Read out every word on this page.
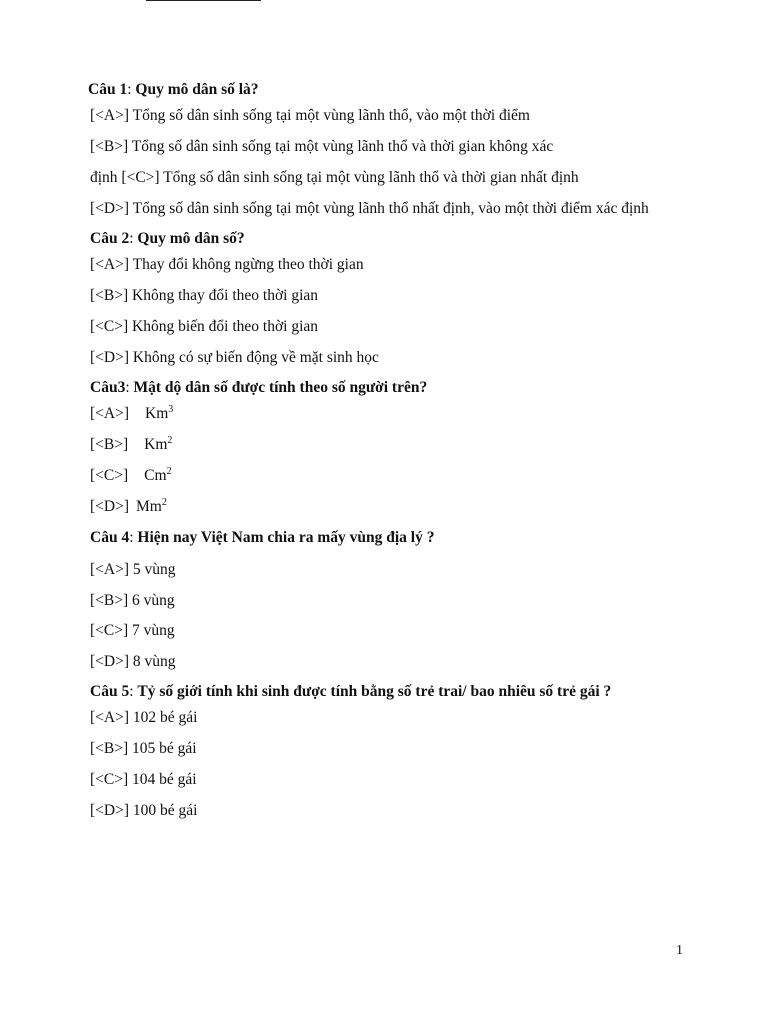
Câu 1: Quy mô dân số là?
[<A>] Tổng số dân sinh sống tại một vùng lãnh thổ, vào một thời điểm
[<B>] Tổng số dân sinh sống tại một vùng lãnh thổ và thời gian không xác
định [<C>] Tổng số dân sinh sống tại một vùng lãnh thổ và thời gian nhất định
[<D>] Tổng số dân sinh sống tại một vùng lãnh thổ nhất định, vào một thời điểm xác định
Câu 2: Quy mô dân số?
[<A>] Thay đổi không ngừng theo thời gian
[<B>] Không thay đổi theo thời gian
[<C>] Không biến đổi theo thời gian
[<D>] Không có sự biến động về mặt sinh học
Câu3: Mật dộ dân số được tính theo số người trên?
[<A>] Km$^3$
[<B>] Km$^2$
[<C>] Cm$^2$
[<D>] Mm$^2$
Câu 4: Hiện nay Việt Nam chia ra mấy vùng địa lý ?
[<A>] 5 vùng
[<B>] 6 vùng
[<C>] 7 vùng
[<D>] 8 vùng
Câu 5: Tỷ số giới tính khi sinh được tính bằng số trẻ trai/ bao nhiêu số trẻ gái ?
[<A>] 102 bé gái
[<B>] 105 bé gái
[<C>] 104 bé gái
[<D>] 100 bé gái
1
